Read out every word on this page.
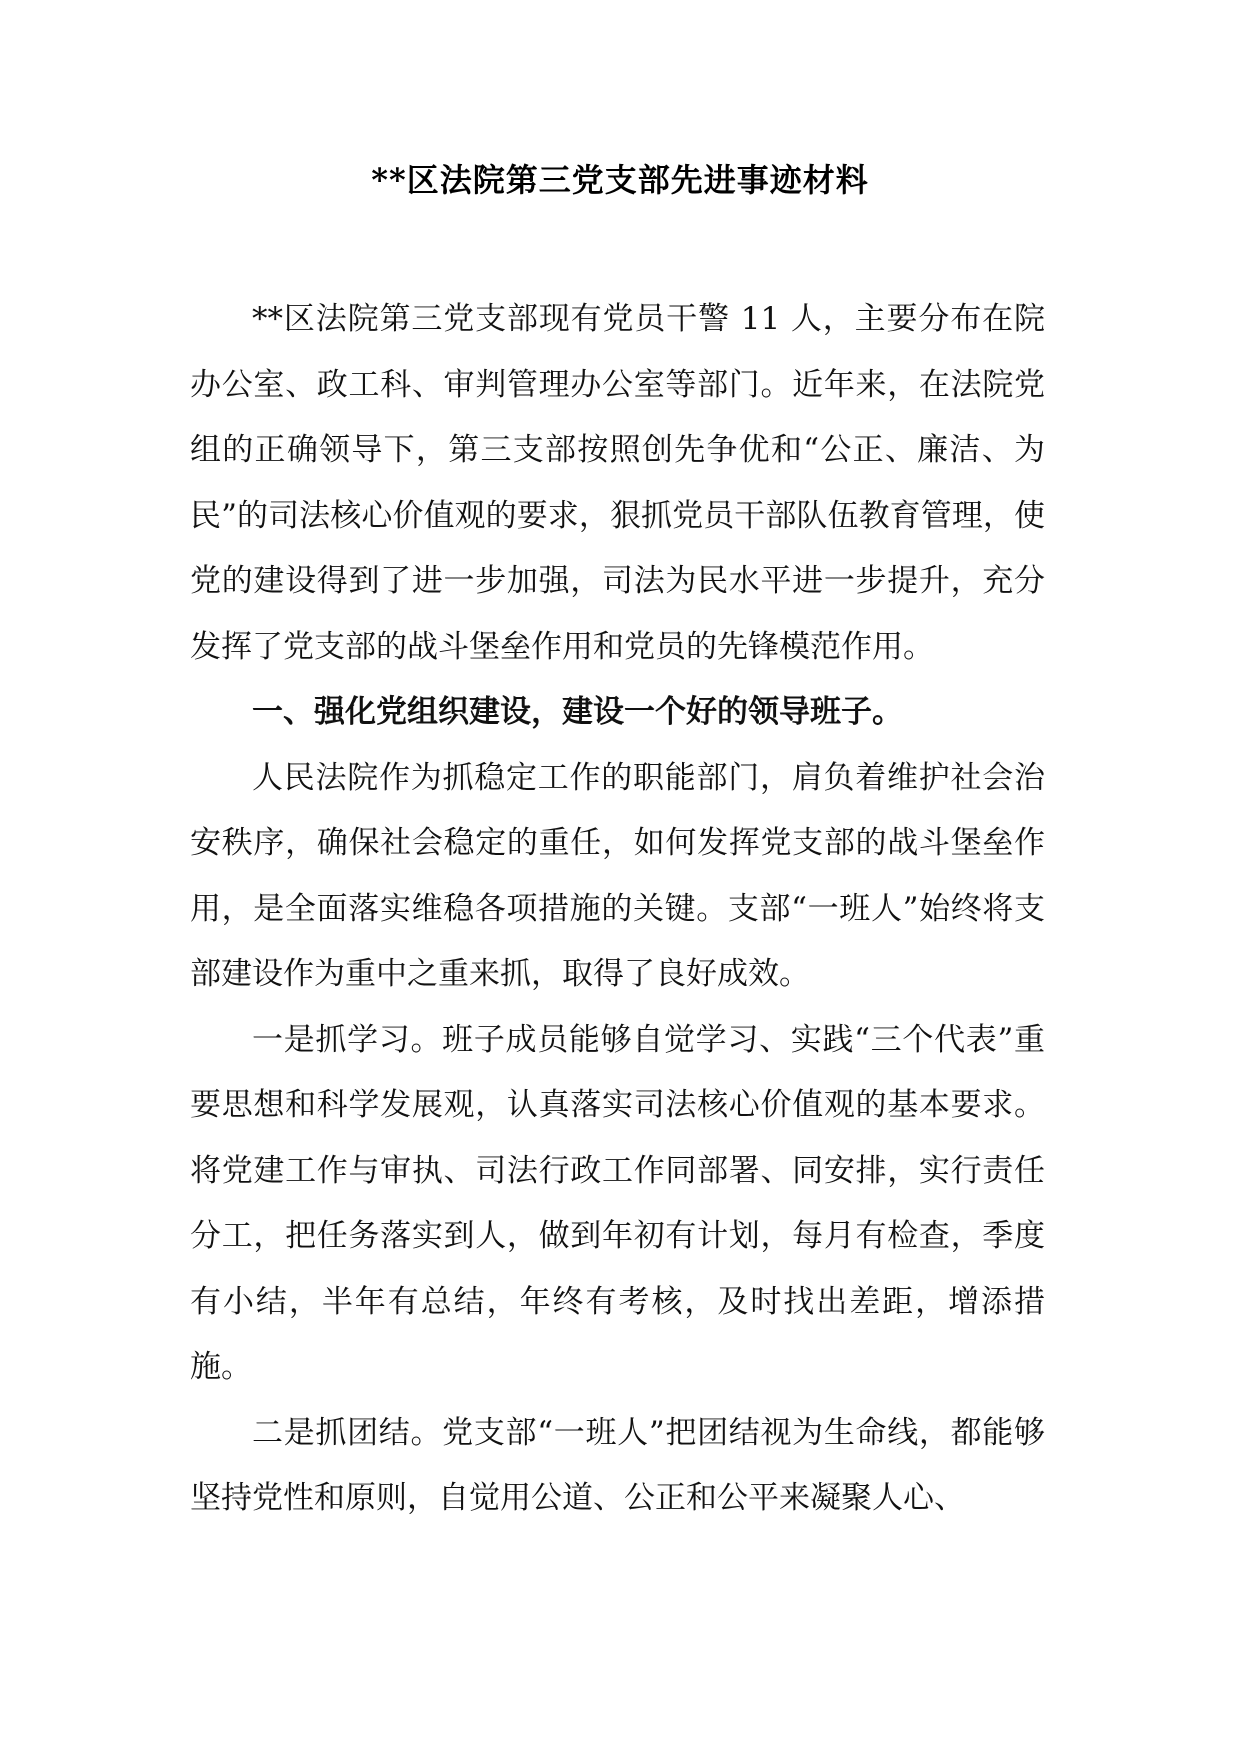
**区法院第三党支部先进事迹材料

**区法院第三党支部现有党员干警 11 人，主要分布在院办公室、政工科、审判管理办公室等部门。近年来，在法院党组的正确领导下，第三支部按照创先争优和“公正、廉洁、为民”的司法核心价值观的要求，狠抓党员干部队伍教育管理，使党的建设得到了进一步加强，司法为民水平进一步提升，充分发挥了党支部的战斗堡垒作用和党员的先锋模范作用。

一、强化党组织建设，建设一个好的领导班子。

人民法院作为抓稳定工作的职能部门，肩负着维护社会治安秩序，确保社会稳定的重任，如何发挥党支部的战斗堡垒作用，是全面落实维稳各项措施的关键。支部“一班人”始终将支部建设作为重中之重来抓，取得了良好成效。

一是抓学习。班子成员能够自觉学习、实践“三个代表”重要思想和科学发展观，认真落实司法核心价值观的基本要求。将党建工作与审执、司法行政工作同部署、同安排，实行责任分工，把任务落实到人，做到年初有计划，每月有检查，季度有小结，半年有总结，年终有考核，及时找出差距，增添措施。

二是抓团结。党支部“一班人”把团结视为生命线，都能够坚持党性和原则，自觉用公道、公正和公平来凝聚人心、
